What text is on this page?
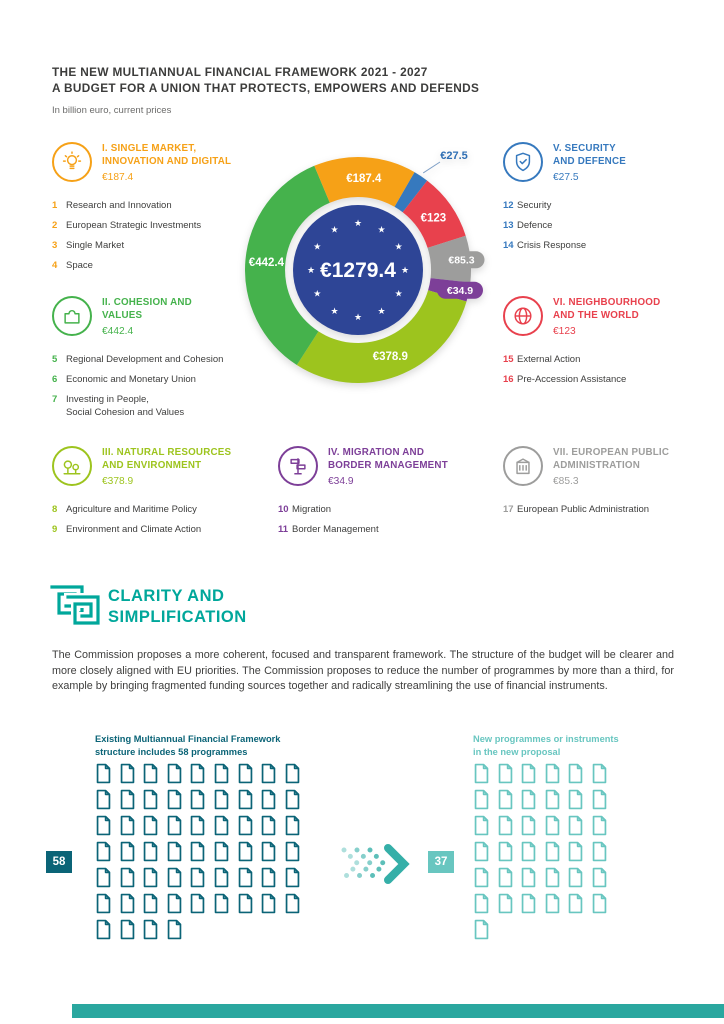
THE NEW MULTIANNUAL FINANCIAL FRAMEWORK 2021 - 2027
A BUDGET FOR A UNION THAT PROTECTS, EMPOWERS AND DEFENDS
In billion euro, current prices
I. SINGLE MARKET,
INNOVATION AND DIGITAL
€187.4
1 Research and Innovation
2 European Strategic Investments
3 Single Market
4 Space
II. COHESION AND
VALUES
€442.4
5 Regional Development and Cohesion
6 Economic and Monetary Union
7 Investing in People,
Social Cohesion and Values
III. NATURAL RESOURCES
AND ENVIRONMENT
€378.9
8 Agriculture and Maritime Policy
9 Environment and Climate Action
IV. MIGRATION AND
BORDER MANAGEMENT
€34.9
10 Migration
11 Border Management
V. SECURITY
AND DEFENCE
€27.5
12 Security
13 Defence
14 Crisis Response
VI. NEIGHBOURHOOD
AND THE WORLD
€123
15 External Action
16 Pre-Accession Assistance
VII. EUROPEAN PUBLIC
ADMINISTRATION
€85.3
17 European Public Administration
€27.5
€123
€85.3
€34.9
€378.9
€442.4
€187.4
★
★
★
★
★
★
★
★
★
★
★
★
€1279.4
CLARITY AND
SIMPLIFICATION
The Commission proposes a more coherent, focused and transparent framework. The structure of the budget will be clearer and more closely aligned with EU priorities. The Commission proposes to reduce the number of programmes by more than a third, for example by bringing fragmented funding sources together and radically streamlining the use of financial instruments.
Existing Multiannual Financial Framework
structure includes 58 programmes
New programmes or instruments
in the new proposal
58	37
